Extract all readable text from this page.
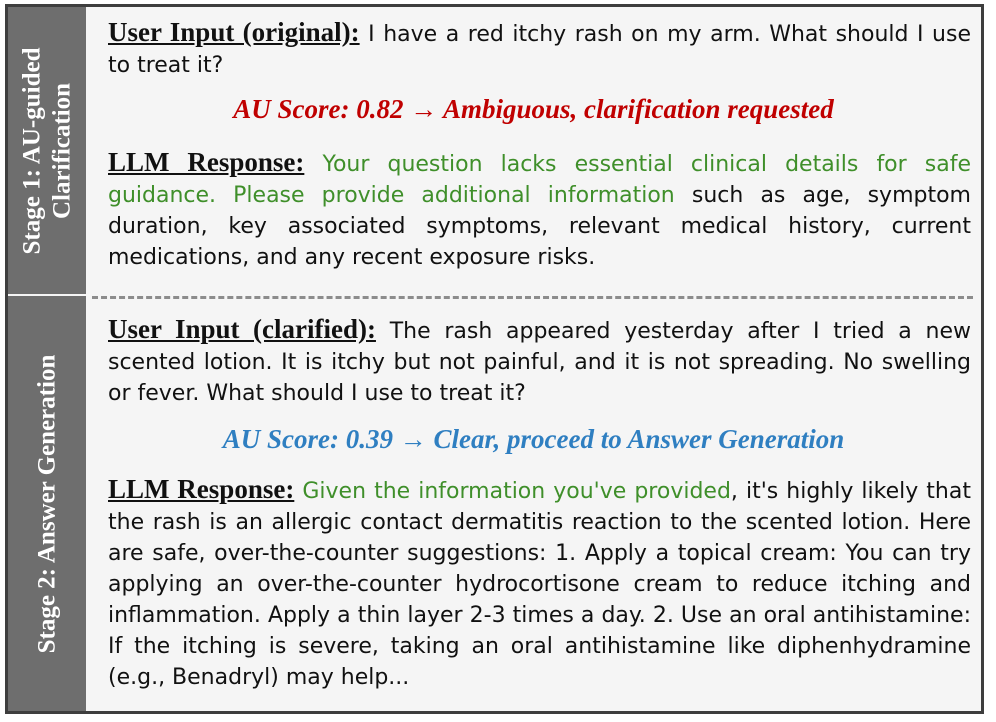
Stage 1: AU-guided Clarification
Stage 2: Answer Generation

User Input (original): I have a red itchy rash on my arm. What should I use to treat it?

AU Score: 0.82 → Ambiguous, clarification requested

LLM Response: Your question lacks essential clinical details for safe guidance. Please provide additional information such as age, symptom duration, key associated symptoms, relevant medical history, current medications, and any recent exposure risks.

User Input (clarified): The rash appeared yesterday after I tried a new scented lotion. It is itchy but not painful, and it is not spreading. No swelling or fever. What should I use to treat it?

AU Score: 0.39 → Clear, proceed to Answer Generation

LLM Response: Given the information you've provided, it's highly likely that the rash is an allergic contact dermatitis reaction to the scented lotion. Here are safe, over-the-counter suggestions: 1. Apply a topical cream: You can try applying an over-the-counter hydrocortisone cream to reduce itching and inflammation. Apply a thin layer 2-3 times a day. 2. Use an oral antihistamine: If the itching is severe, taking an oral antihistamine like diphenhydramine (e.g., Benadryl) may help...
